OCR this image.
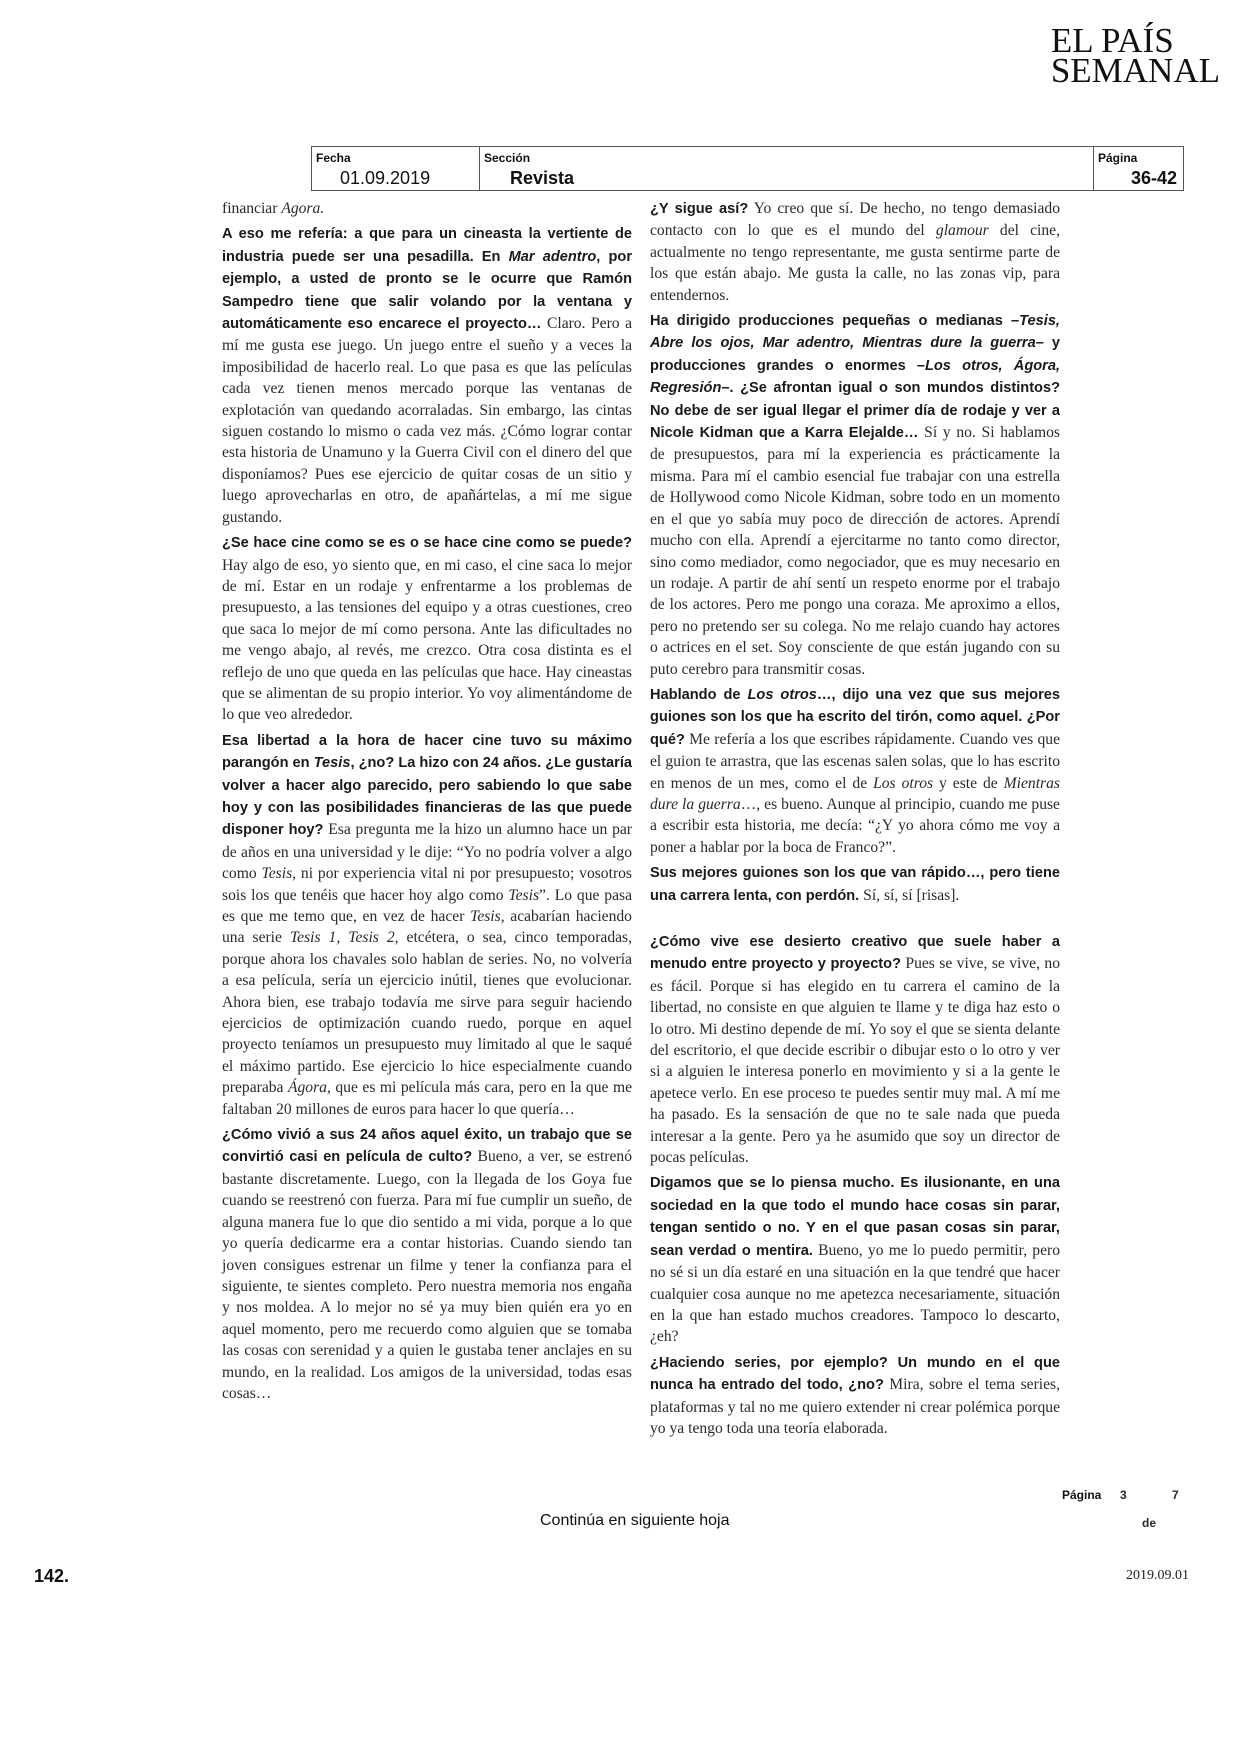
EL PAÍS
SEMANAL
Fecha
01.09.2019
Sección
Revista
Página
36-42

financiar Agora.

A eso me refería: a que para un cineasta la vertiente de industria puede ser una pesadilla. En Mar adentro, por ejemplo, a usted de pronto se le ocurre que Ramón Sampedro tiene que salir volando por la ventana y automáticamente eso encarece el proyecto… Claro. Pero a mí me gusta ese juego. Un juego entre el sueño y a veces la imposibilidad de hacerlo real. Lo que pasa es que las películas cada vez tienen menos mercado porque las ventanas de explotación van quedando acorraladas. Sin embargo, las cintas siguen costando lo mismo o cada vez más. ¿Cómo lograr contar esta historia de Unamuno y la Guerra Civil con el dinero del que disponíamos? Pues ese ejercicio de quitar cosas de un sitio y luego aprovecharlas en otro, de apañártelas, a mí me sigue gustando.

¿Se hace cine como se es o se hace cine como se puede? Hay algo de eso, yo siento que, en mi caso, el cine saca lo mejor de mí. Estar en un rodaje y enfrentarme a los problemas de presupuesto, a las tensiones del equipo y a otras cuestiones, creo que saca lo mejor de mí como persona. Ante las dificultades no me vengo abajo, al revés, me crezco. Otra cosa distinta es el reflejo de uno que queda en las películas que hace. Hay cineastas que se alimentan de su propio interior. Yo voy alimentándome de lo que veo alrededor.

Esa libertad a la hora de hacer cine tuvo su máximo parangón en Tesis, ¿no? La hizo con 24 años. ¿Le gustaría volver a hacer algo parecido, pero sabiendo lo que sabe hoy y con las posibilidades financieras de las que puede disponer hoy? Esa pregunta me la hizo un alumno hace un par de años en una universidad y le dije: “Yo no podría volver a algo como Tesis, ni por experiencia vital ni por presupuesto; vosotros sois los que tenéis que hacer hoy algo como Tesis”. Lo que pasa es que me temo que, en vez de hacer Tesis, acabarían haciendo una serie Tesis 1, Tesis 2, etcétera, o sea, cinco temporadas, porque ahora los chavales solo hablan de series. No, no volvería a esa película, sería un ejercicio inútil, tienes que evolucionar. Ahora bien, ese trabajo todavía me sirve para seguir haciendo ejercicios de optimización cuando ruedo, porque en aquel proyecto teníamos un presupuesto muy limitado al que le saqué el máximo partido. Ese ejercicio lo hice especialmente cuando preparaba Ágora, que es mi película más cara, pero en la que me faltaban 20 millones de euros para hacer lo que quería…

¿Cómo vivió a sus 24 años aquel éxito, un trabajo que se convirtió casi en película de culto? Bueno, a ver, se estrenó bastante discretamente. Luego, con la llegada de los Goya fue cuando se reestrenó con fuerza. Para mí fue cumplir un sueño, de alguna manera fue lo que dio sentido a mi vida, porque a lo que yo quería dedicarme era a contar historias. Cuando siendo tan joven consigues estrenar un filme y tener la confianza para el siguiente, te sientes completo. Pero nuestra memoria nos engaña y nos moldea. A lo mejor no sé ya muy bien quién era yo en aquel momento, pero me recuerdo como alguien que se tomaba las cosas con serenidad y a quien le gustaba tener anclajes en su mundo, en la realidad. Los amigos de la universidad, todas esas cosas…

¿Y sigue así? Yo creo que sí. De hecho, no tengo demasiado contacto con lo que es el mundo del glamour del cine, actualmente no tengo representante, me gusta sentirme parte de los que están abajo. Me gusta la calle, no las zonas vip, para entendernos.

Ha dirigido producciones pequeñas o medianas –Tesis, Abre los ojos, Mar adentro, Mientras dure la guerra– y producciones grandes o enormes –Los otros, Ágora, Regresión–. ¿Se afrontan igual o son mundos distintos? No debe de ser igual llegar el primer día de rodaje y ver a Nicole Kidman que a Karra Elejalde… Sí y no. Si hablamos de presupuestos, para mí la experiencia es prácticamente la misma. Para mí el cambio esencial fue trabajar con una estrella de Hollywood como Nicole Kidman, sobre todo en un momento en el que yo sabía muy poco de dirección de actores. Aprendí mucho con ella. Aprendí a ejercitarme no tanto como director, sino como mediador, como negociador, que es muy necesario en un rodaje. A partir de ahí sentí un respeto enorme por el trabajo de los actores. Pero me pongo una coraza. Me aproximo a ellos, pero no pretendo ser su colega. No me relajo cuando hay actores o actrices en el set. Soy consciente de que están jugando con su puto cerebro para transmitir cosas.

Hablando de Los otros…, dijo una vez que sus mejores guiones son los que ha escrito del tirón, como aquel. ¿Por qué? Me refería a los que escribes rápidamente. Cuando ves que el guion te arrastra, que las escenas salen solas, que lo has escrito en menos de un mes, como el de Los otros y este de Mientras dure la guerra…, es bueno. Aunque al principio, cuando me puse a escribir esta historia, me decía: “¿Y yo ahora cómo me voy a poner a hablar por la boca de Franco?”.

Sus mejores guiones son los que van rápido…, pero tiene una carrera lenta, con perdón. Sí, sí, sí [risas].

¿Cómo vive ese desierto creativo que suele haber a menudo entre proyecto y proyecto? Pues se vive, se vive, no es fácil. Porque si has elegido en tu carrera el camino de la libertad, no consiste en que alguien te llame y te diga haz esto o lo otro. Mi destino depende de mí. Yo soy el que se sienta delante del escritorio, el que decide escribir o dibujar esto o lo otro y ver si a alguien le interesa ponerlo en movimiento y si a la gente le apetece verlo. En ese proceso te puedes sentir muy mal. A mí me ha pasado. Es la sensación de que no te sale nada que pueda interesar a la gente. Pero ya he asumido que soy un director de pocas películas.

Digamos que se lo piensa mucho. Es ilusionante, en una sociedad en la que todo el mundo hace cosas sin parar, tengan sentido o no. Y en el que pasan cosas sin parar, sean verdad o mentira. Bueno, yo me lo puedo permitir, pero no sé si un día estaré en una situación en la que tendré que hacer cualquier cosa aunque no me apetezca necesariamente, situación en la que han estado muchos creadores. Tampoco lo descarto, ¿eh?

¿Haciendo series, por ejemplo? Un mundo en el que nunca ha entrado del todo, ¿no? Mira, sobre el tema series, plataformas y tal no me quiero extender ni crear polémica porque yo ya tengo toda una teoría elaborada.

Continúa en siguiente hoja
Página 3
de
7
142.	2019.09.01
